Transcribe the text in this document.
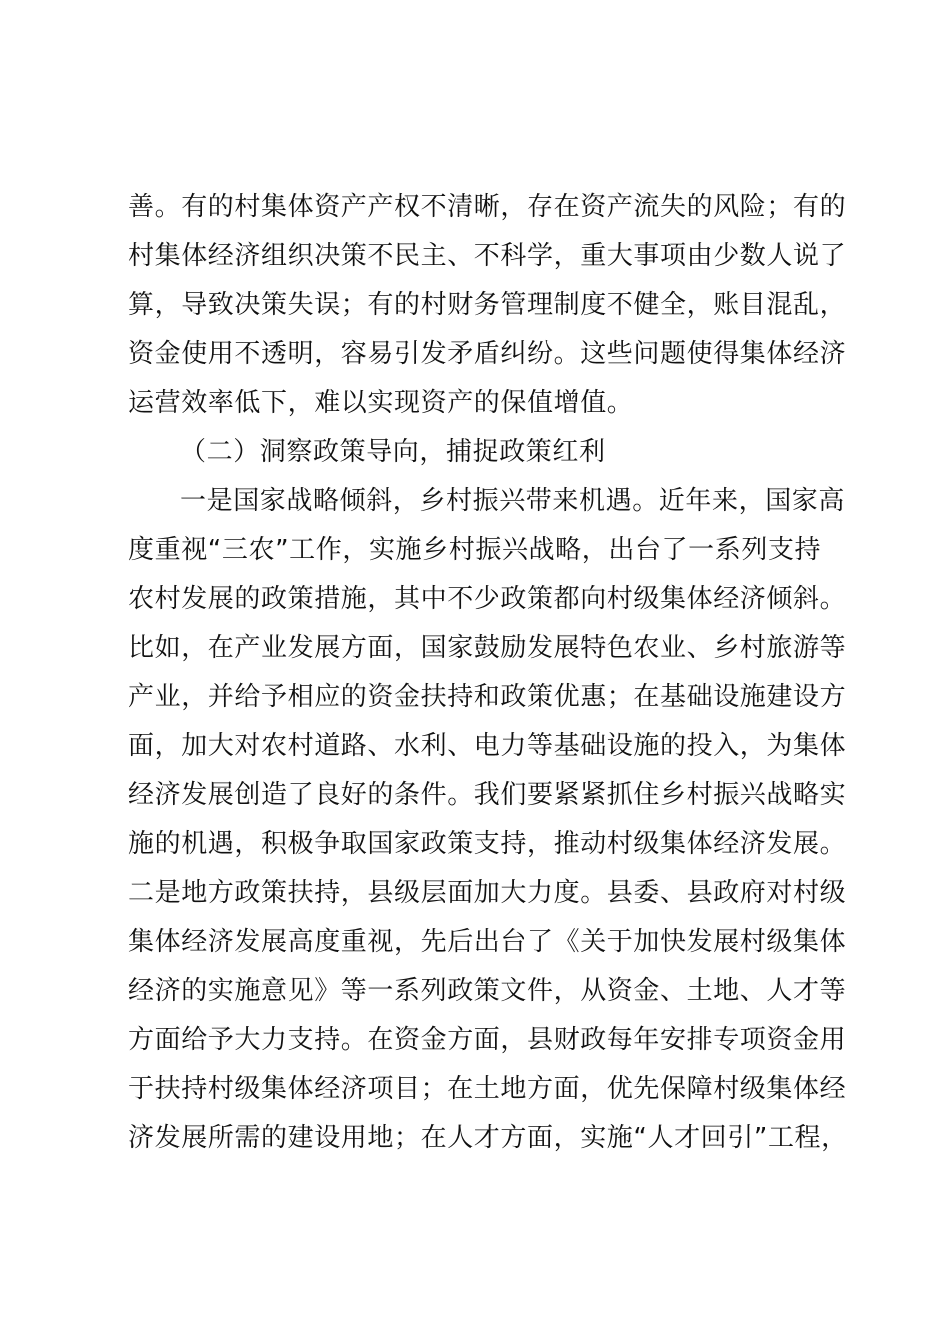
善。有的村集体资产产权不清晰，存在资产流失的风险；有的
村集体经济组织决策不民主、不科学，重大事项由少数人说了
算，导致决策失误；有的村财务管理制度不健全，账目混乱，
资金使用不透明，容易引发矛盾纠纷。这些问题使得集体经济
运营效率低下，难以实现资产的保值增值。
（二）洞察政策导向，捕捉政策红利
一是国家战略倾斜，乡村振兴带来机遇。近年来，国家高
度重视“三农”工作，实施乡村振兴战略，出台了一系列支持
农村发展的政策措施，其中不少政策都向村级集体经济倾斜。
比如，在产业发展方面，国家鼓励发展特色农业、乡村旅游等
产业，并给予相应的资金扶持和政策优惠；在基础设施建设方
面，加大对农村道路、水利、电力等基础设施的投入，为集体
经济发展创造了良好的条件。我们要紧紧抓住乡村振兴战略实
施的机遇，积极争取国家政策支持，推动村级集体经济发展。
二是地方政策扶持，县级层面加大力度。县委、县政府对村级
集体经济发展高度重视，先后出台了《关于加快发展村级集体
经济的实施意见》等一系列政策文件，从资金、土地、人才等
方面给予大力支持。在资金方面，县财政每年安排专项资金用
于扶持村级集体经济项目；在土地方面，优先保障村级集体经
济发展所需的建设用地；在人才方面，实施“人才回引”工程，
